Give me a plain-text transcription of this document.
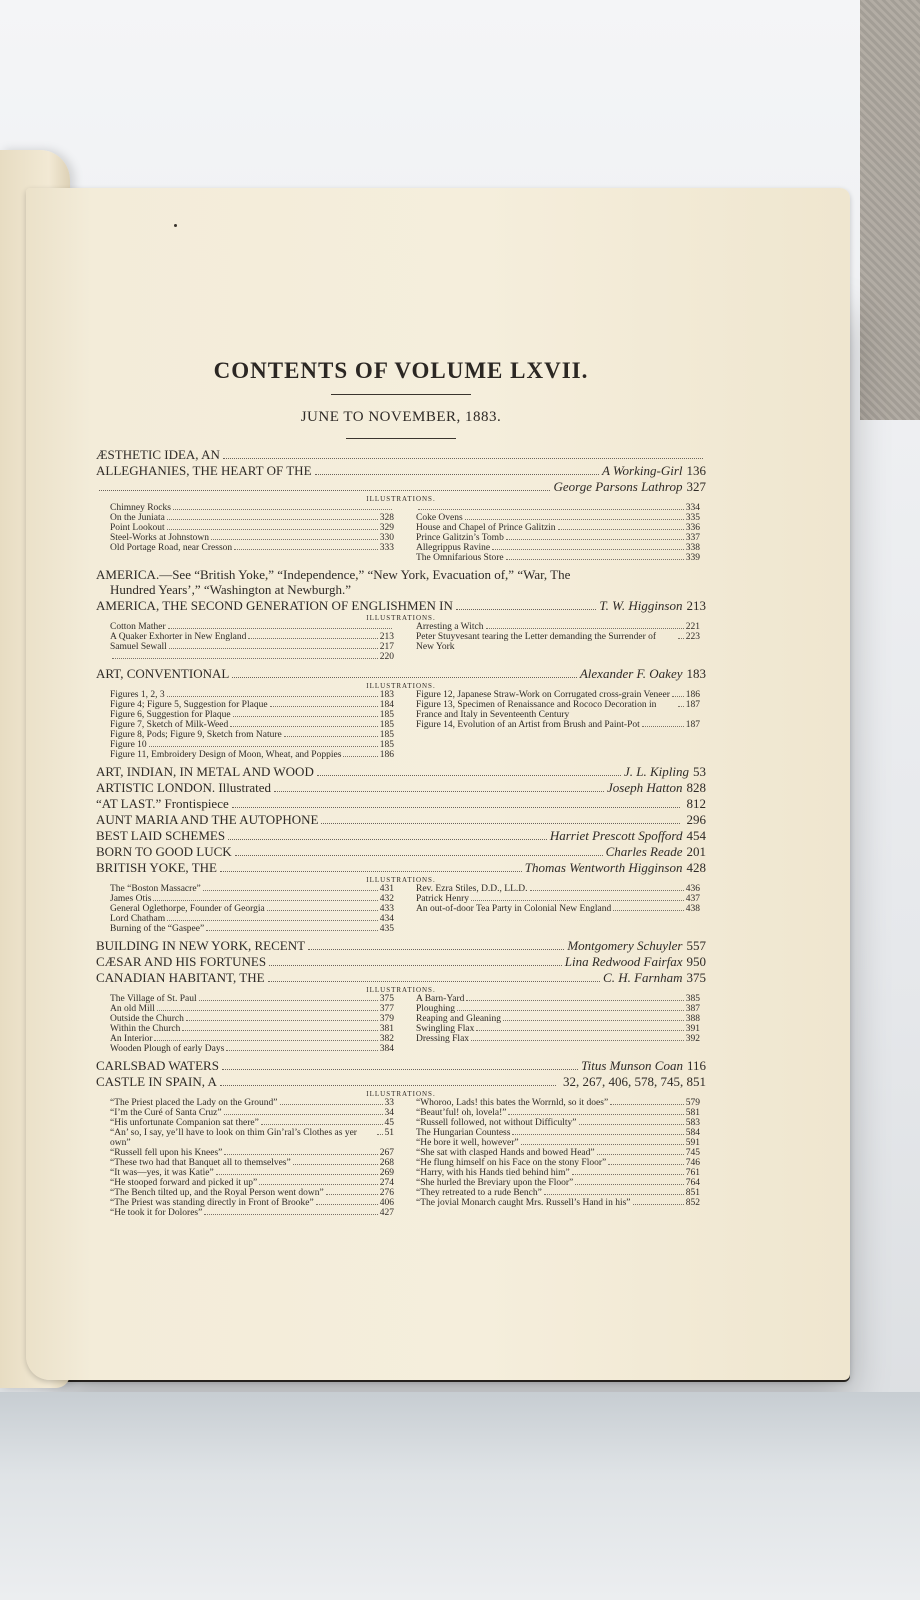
CONTENTS OF VOLUME LXVII.
JUNE TO NOVEMBER, 1883.
ÆSTHETIC IDEA, AN
ALLEGHANIES, THE HEART OF THE	A Working-Girl 136
George Parsons Lathrop 327
ILLUSTRATIONS.
Chimney Rocks
On the Juniata	328
Point Lookout	329
Steel-Works at Johnstown	330
Old Portage Road, near Cresson	333
334
Coke Ovens	335
House and Chapel of Prince Galitzin	336
Prince Galitzin’s Tomb	337
Allegrippus Ravine	338
The Omnifarious Store	339
AMERICA.—See “British Yoke,” “Independence,” “New York, Evacuation of,” “War, The
Hundred Years’,” “Washington at Newburgh.”
AMERICA, THE SECOND GENERATION OF ENGLISHMEN IN	T. W. Higginson 213
ILLUSTRATIONS.
Cotton Mather
A Quaker Exhorter in New England	213
Samuel Sewall	217
220
Arresting a Witch	221
Peter Stuyvesant tearing the Letter demanding the Surrender of New York
223
ART, CONVENTIONAL	Alexander F. Oakey 183
ILLUSTRATIONS.
Figures 1, 2, 3	183
Figure 4; Figure 5, Suggestion for Plaque	184
Figure 6, Suggestion for Plaque	185
Figure 7, Sketch of Milk-Weed	185
Figure 8, Pods; Figure 9, Sketch from Nature	185
Figure 10	185
Figure 11, Embroidery Design of Moon, Wheat, and Poppies	186
Figure 12, Japanese Straw-Work on Corrugated cross-grain Veneer 186
Figure 13, Specimen of Renaissance and Rococo Decoration in France and Italy in Seventeenth Century
187
Figure 14, Evolution of an Artist from Brush and Paint-Pot	187
ART, INDIAN, IN METAL AND WOOD	J. L. Kipling 53
ARTISTIC LONDON. Illustrated	Joseph Hatton 828
“AT LAST.” Frontispiece	812
AUNT MARIA AND THE AUTOPHONE	296
BEST LAID SCHEMES	Harriet Prescott Spofford 454
BORN TO GOOD LUCK	Charles Reade 201
BRITISH YOKE, THE	Thomas Wentworth Higginson 428
ILLUSTRATIONS.
The “Boston Massacre”	431
James Otis	432
General Oglethorpe, Founder of Georgia	433
Lord Chatham	434
Burning of the “Gaspee”	435
Rev. Ezra Stiles, D.D., LL.D.	436
Patrick Henry	437
An out-of-door Tea Party in Colonial New England	438
BUILDING IN NEW YORK, RECENT	Montgomery Schuyler 557
CÆSAR AND HIS FORTUNES	Lina Redwood Fairfax 950
CANADIAN HABITANT, THE	C. H. Farnham 375
ILLUSTRATIONS.
The Village of St. Paul	375
An old Mill	377
Outside the Church	379
Within the Church	381
An Interior	382
Wooden Plough of early Days	384
A Barn-Yard	385
Ploughing	387
Reaping and Gleaning	388
Swingling Flax	391
Dressing Flax	392
CARLSBAD WATERS	Titus Munson Coan 116
CASTLE IN SPAIN, A	32, 267, 406, 578, 745, 851
ILLUSTRATIONS.
“The Priest placed the Lady on the Ground”	33
“I’m the Curé of Santa Cruz”	34
“His unfortunate Companion sat there”	45
“An’ so, I say, ye’ll have to look on thim Gin’ral’s Clothes as yer own”
51
“Russell fell upon his Knees”	267
“These two had that Banquet all to themselves”	268
“It was—yes, it was Katie”	269
“He stooped forward and picked it up”	274
“The Bench tilted up, and the Royal Person went down”	276
“The Priest was standing directly in Front of Brooke”	406
“He took it for Dolores”	427
“Whoroo, Lads! this bates the Worrnld, so it does”	579
“Beaut’ful! oh, lovela!”	581
“Russell followed, not without Difficulty”	583
The Hungarian Countess	584
“He bore it well, however”	591
“She sat with clasped Hands and bowed Head”	745
“He flung himself on his Face on the stony Floor”	746
“Harry, with his Hands tied behind him”	761
“She hurled the Breviary upon the Floor”	764
“They retreated to a rude Bench”	851
“The jovial Monarch caught Mrs. Russell’s Hand in his”	852
